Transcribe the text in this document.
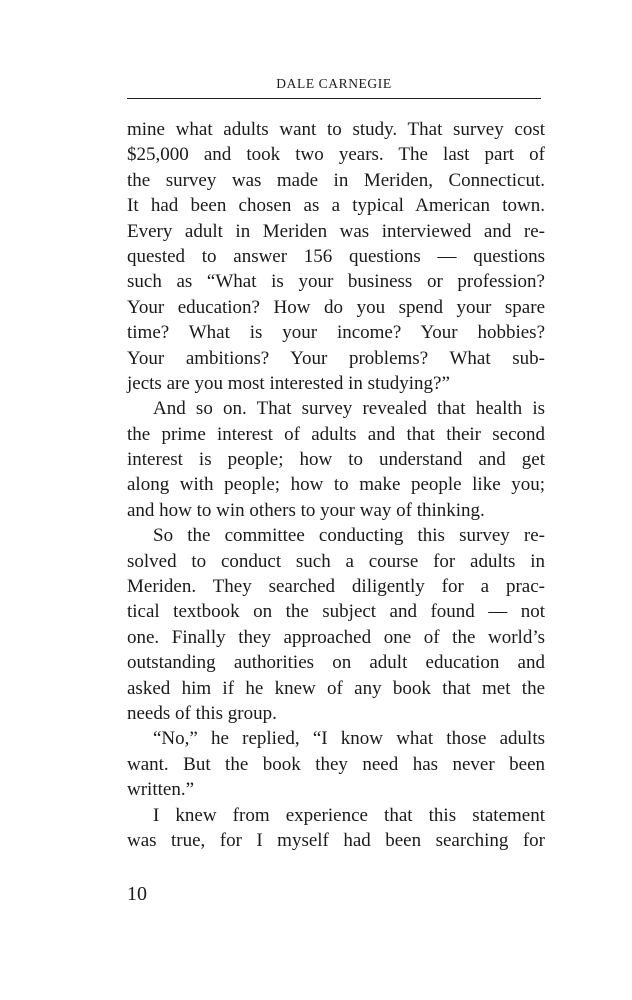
DALE CARNEGIE
mine what adults want to study. That survey cost
$25,000 and took two years. The last part of
the survey was made in Meriden, Connecticut.
It had been chosen as a typical American town.
Every adult in Meriden was interviewed and re-
quested to answer 156 questions — questions
such as “What is your business or profession?
Your education? How do you spend your spare
time? What is your income? Your hobbies?
Your ambitions? Your problems? What sub-
jects are you most interested in studying?”
And so on. That survey revealed that health is
the prime interest of adults and that their second
interest is people; how to understand and get
along with people; how to make people like you;
and how to win others to your way of thinking.
So the committee conducting this survey re-
solved to conduct such a course for adults in
Meriden. They searched diligently for a prac-
tical textbook on the subject and found — not
one. Finally they approached one of the world’s
outstanding authorities on adult education and
asked him if he knew of any book that met the
needs of this group.
“No,” he replied, “I know what those adults
want. But the book they need has never been
written.”
I knew from experience that this statement
was true, for I myself had been searching for
10
